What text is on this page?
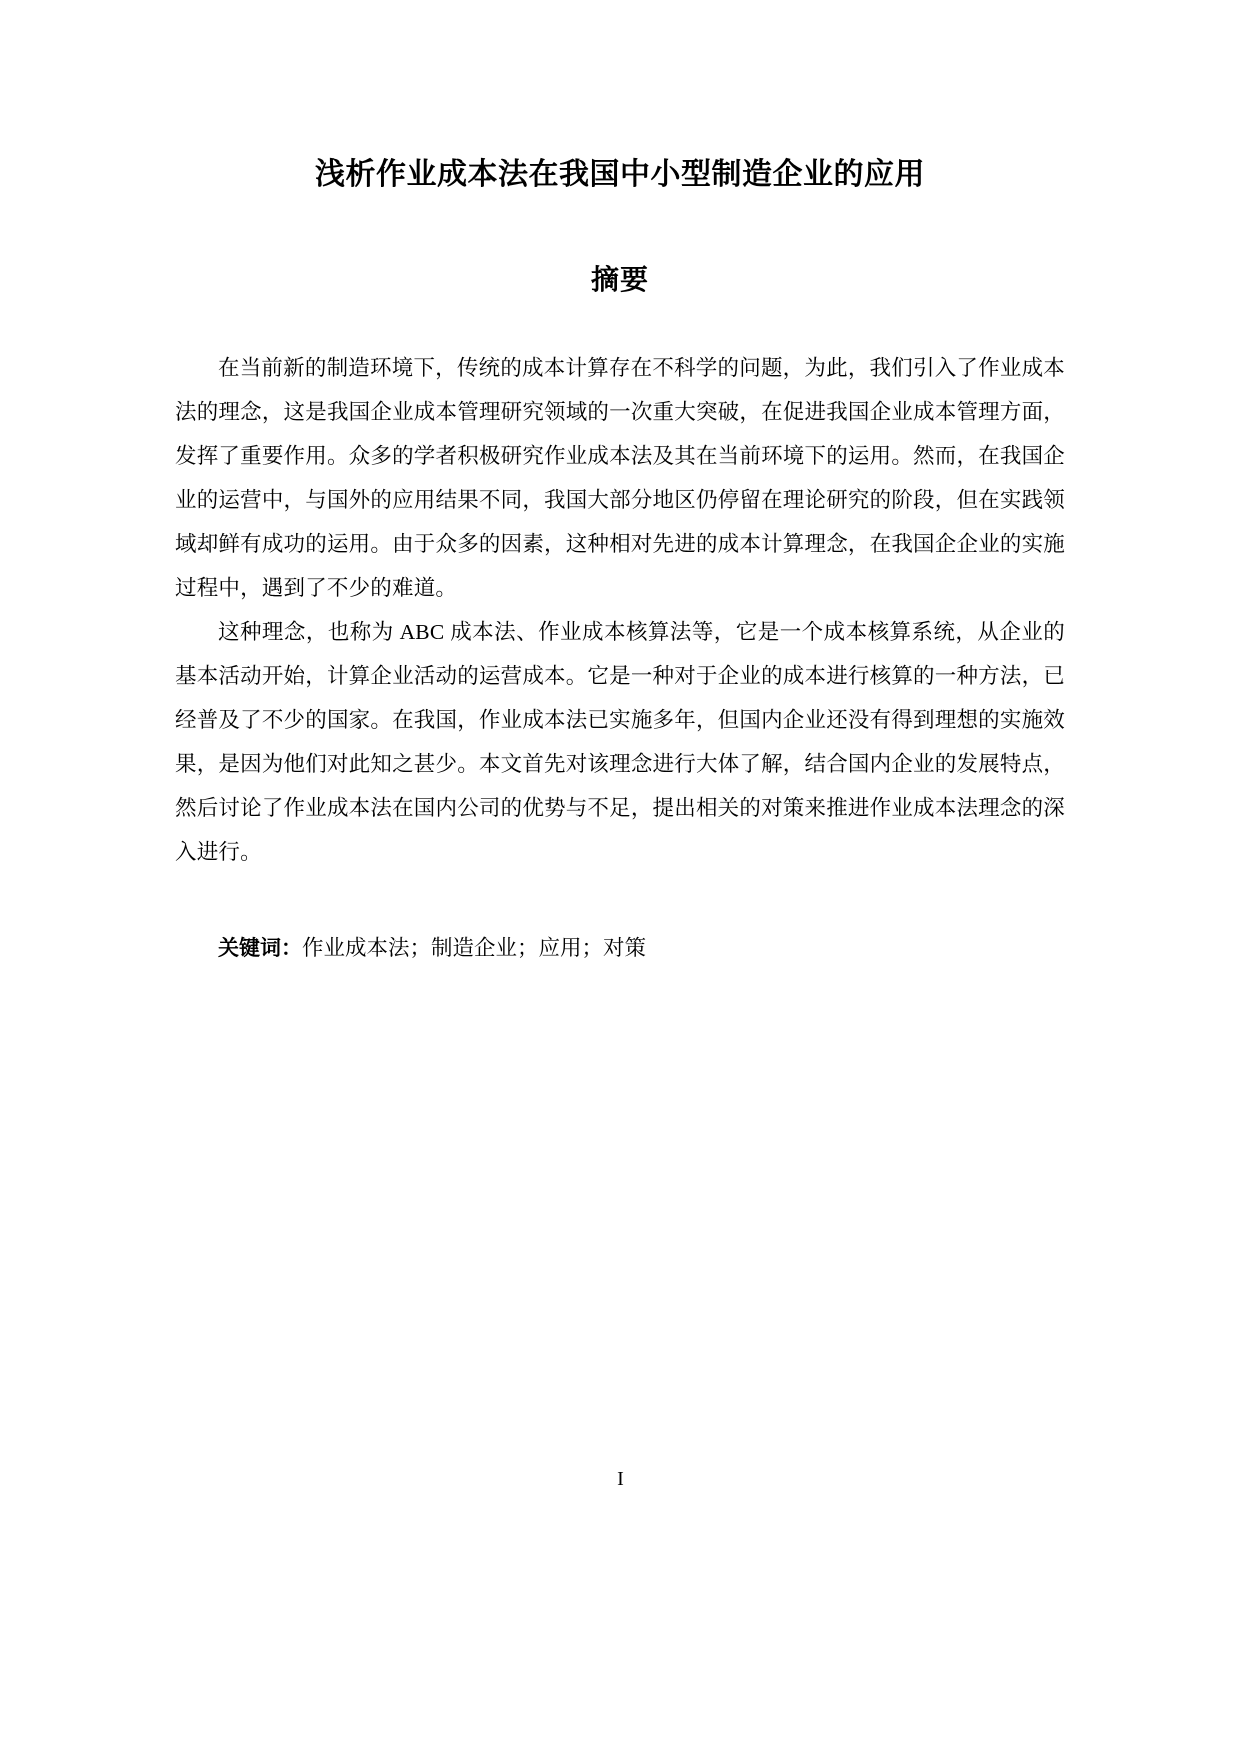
浅析作业成本法在我国中小型制造企业的应用
摘要

在当前新的制造环境下，传统的成本计算存在不科学的问题，为此，我们引入了作业成本法的理念，这是我国企业成本管理研究领域的一次重大突破，在促进我国企业成本管理方面，发挥了重要作用。众多的学者积极研究作业成本法及其在当前环境下的运用。然而，在我国企业的运营中，与国外的应用结果不同，我国大部分地区仍停留在理论研究的阶段，但在实践领域却鲜有成功的运用。由于众多的因素，这种相对先进的成本计算理念，在我国企企业的实施过程中，遇到了不少的难道。

这种理念，也称为 ABC 成本法、作业成本核算法等，它是一个成本核算系统，从企业的基本活动开始，计算企业活动的运营成本。它是一种对于企业的成本进行核算的一种方法，已经普及了不少的国家。在我国，作业成本法已实施多年，但国内企业还没有得到理想的实施效果，是因为他们对此知之甚少。本文首先对该理念进行大体了解，结合国内企业的发展特点，然后讨论了作业成本法在国内公司的优势与不足，提出相关的对策来推进作业成本法理念的深入进行。

关键词：作业成本法；制造企业；应用；对策
I
